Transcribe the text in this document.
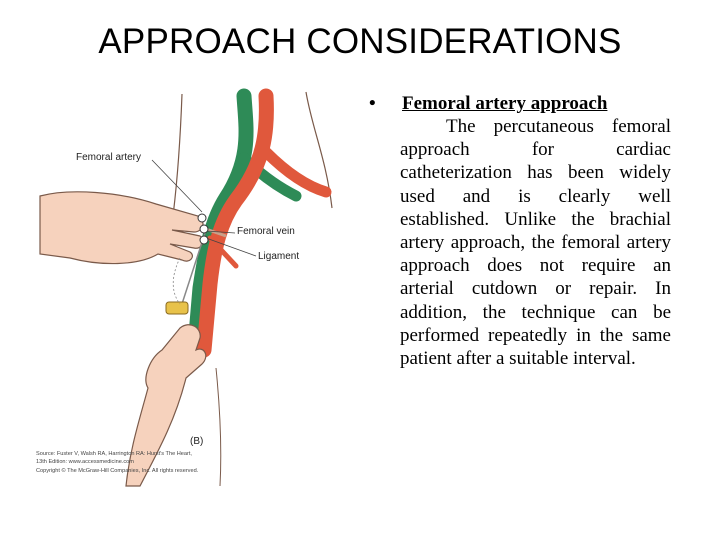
APPROACH CONSIDERATIONS
Femoral artery
Femoral vein
Ligament
(B)
Source: Fuster V, Walsh RA, Harrington RA: Hurst's The Heart,
13th Edition: www.accessmedicine.com
Copyright © The McGraw-Hill Companies, Inc. All rights reserved.
•	Femoral artery approach

The percutaneous femoral approach for cardiac catheterization has been widely used and is clearly well established. Unlike the brachial artery approach, the femoral artery approach does not require an arterial cutdown or repair. In addition, the technique can be performed repeatedly in the same patient after a suitable interval.
